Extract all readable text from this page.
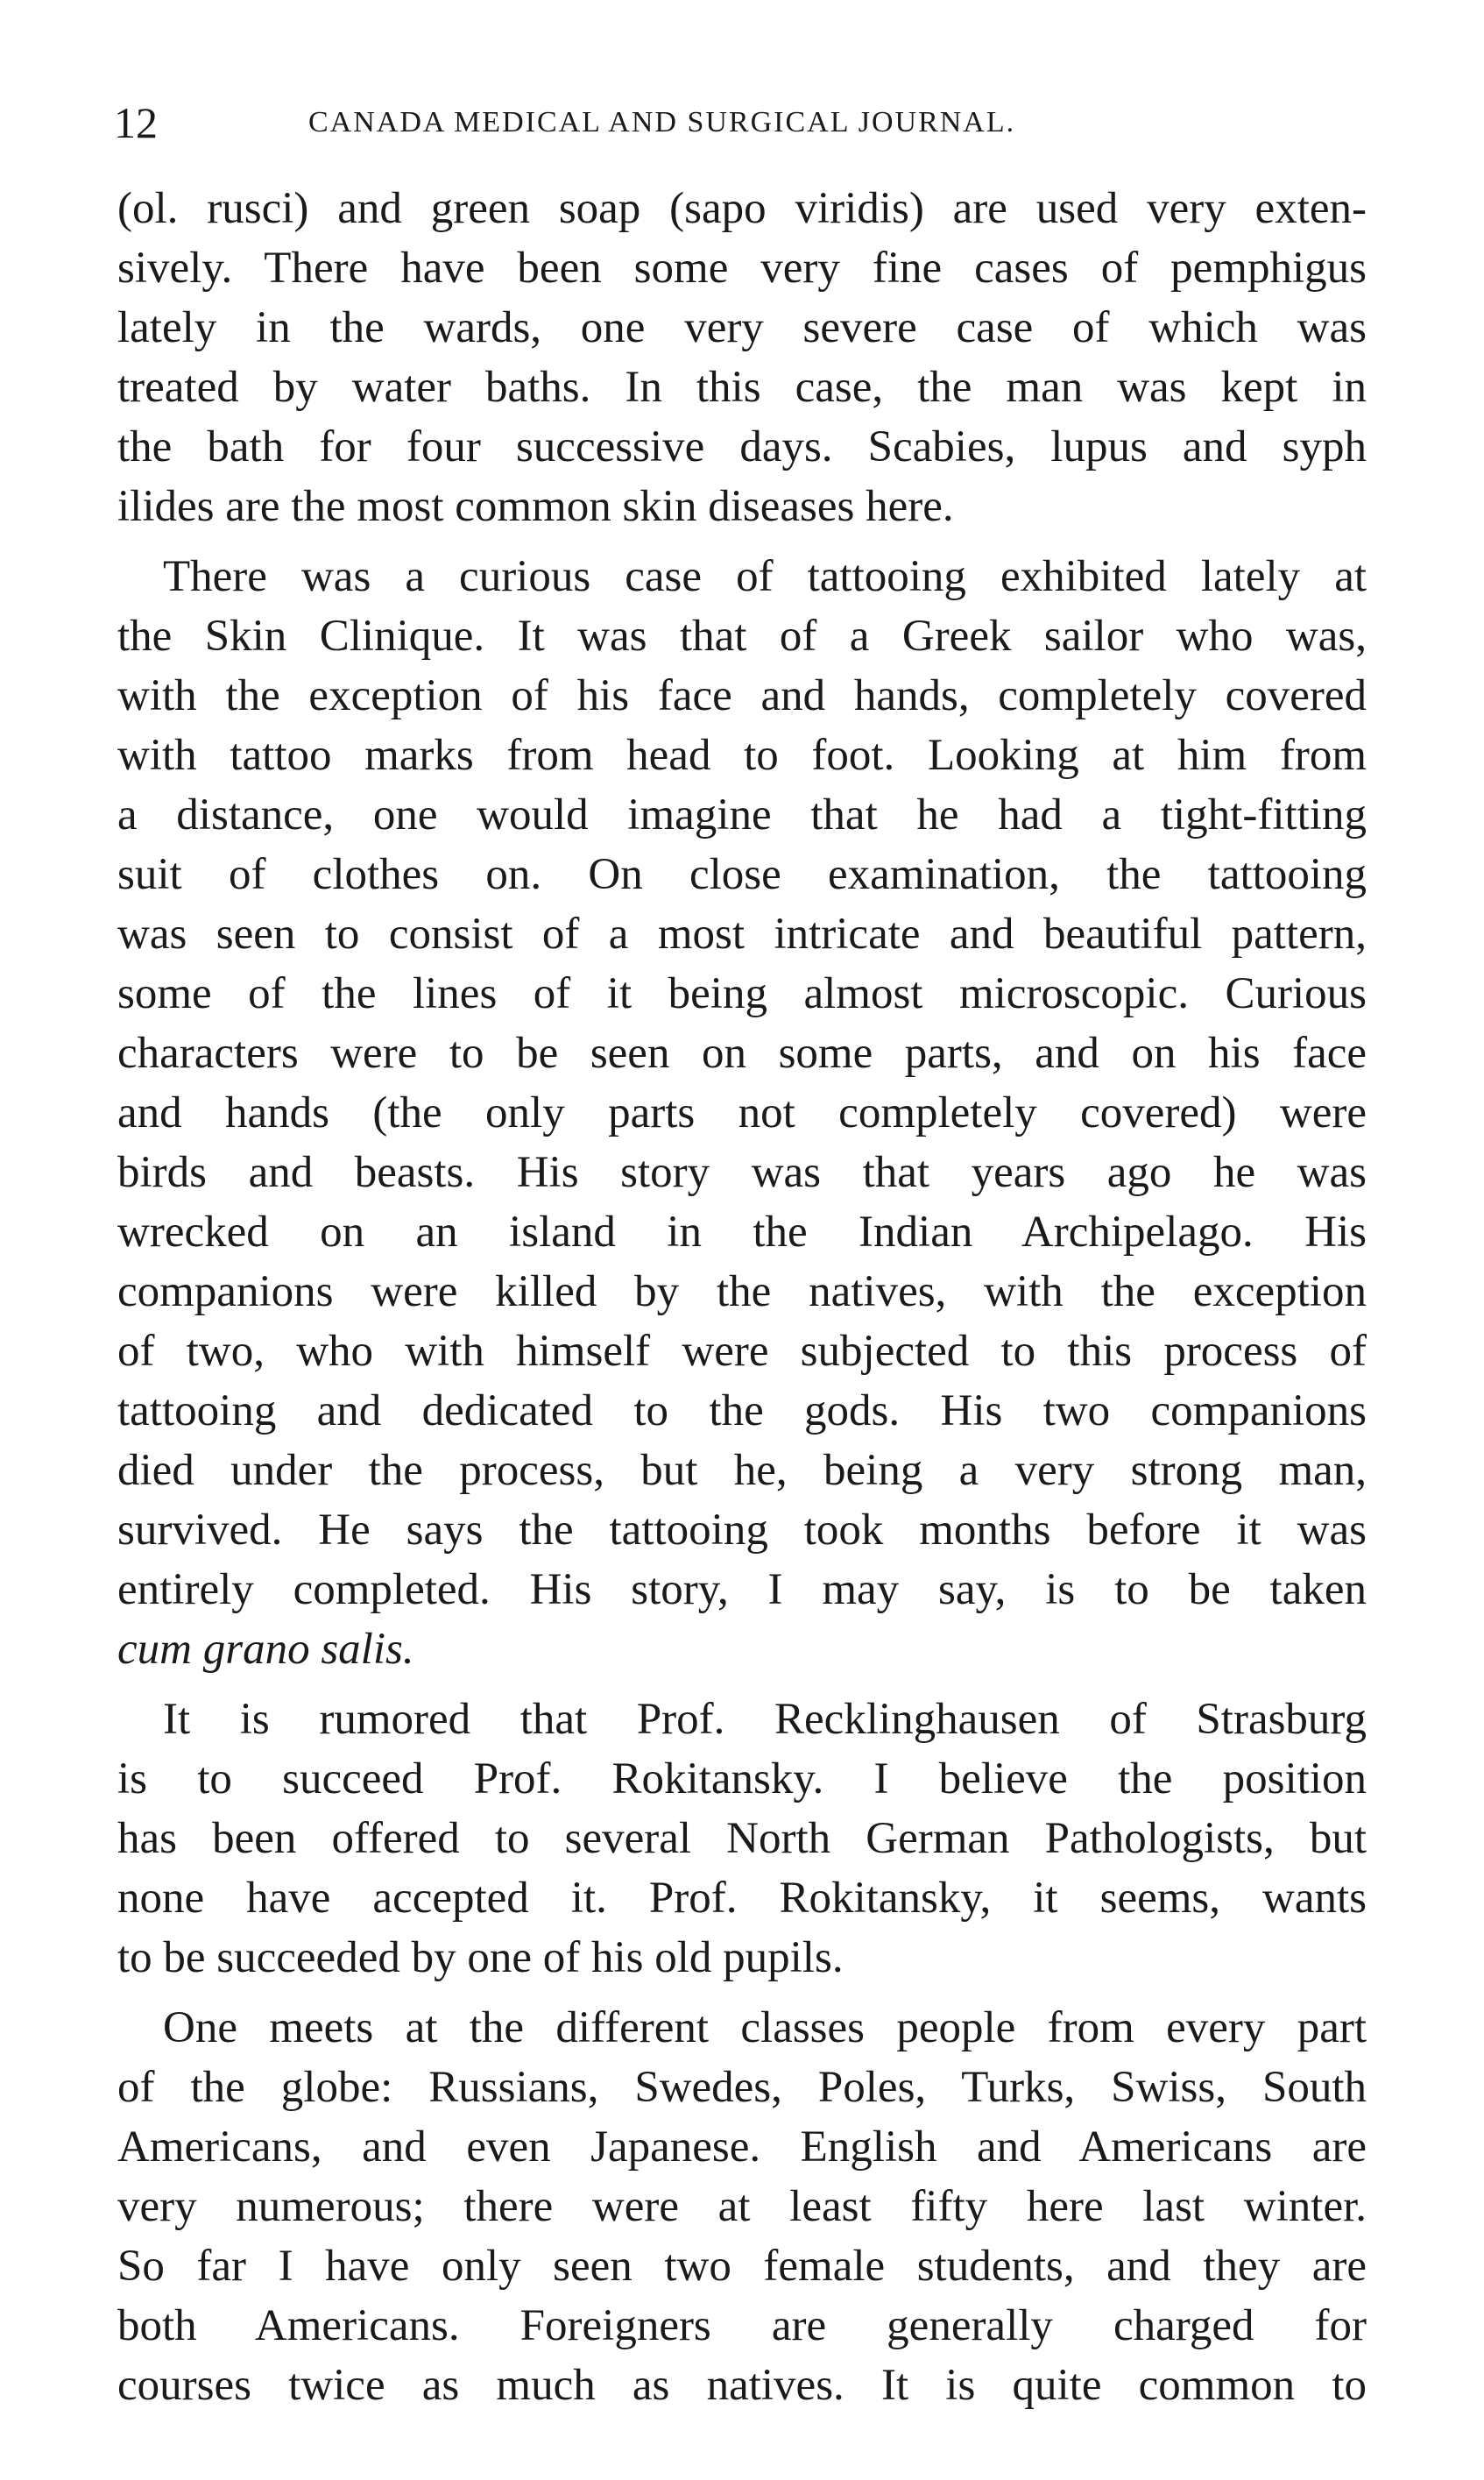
12	CANADA MEDICAL AND SURGICAL JOURNAL.

(ol. rusci) and green soap (sapo viridis) are used very exten-
sively. There have been some very fine cases of pemphigus
lately in the wards, one very severe case of which was
treated by water baths. In this case, the man was kept in
the bath for four successive days. Scabies, lupus and syph
ilides are the most common skin diseases here.

There was a curious case of tattooing exhibited lately at
the Skin Clinique. It was that of a Greek sailor who was,
with the exception of his face and hands, completely covered
with tattoo marks from head to foot. Looking at him from
a distance, one would imagine that he had a tight-fitting
suit of clothes on. On close examination, the tattooing
was seen to consist of a most intricate and beautiful pattern,
some of the lines of it being almost microscopic. Curious
characters were to be seen on some parts, and on his face
and hands (the only parts not completely covered) were
birds and beasts. His story was that years ago he was
wrecked on an island in the Indian Archipelago. His
companions were killed by the natives, with the exception
of two, who with himself were subjected to this process of
tattooing and dedicated to the gods. His two companions
died under the process, but he, being a very strong man,
survived. He says the tattooing took months before it was
entirely completed. His story, I may say, is to be taken
cum grano salis.

It is rumored that Prof. Recklinghausen of Strasburg
is to succeed Prof. Rokitansky. I believe the position
has been offered to several North German Pathologists, but
none have accepted it. Prof. Rokitansky, it seems, wants
to be succeeded by one of his old pupils.

One meets at the different classes people from every part
of the globe: Russians, Swedes, Poles, Turks, Swiss, South
Americans, and even Japanese. English and Americans are
very numerous; there were at least fifty here last winter.
So far I have only seen two female students, and they are
both Americans. Foreigners are generally charged for
courses twice as much as natives. It is quite common to
